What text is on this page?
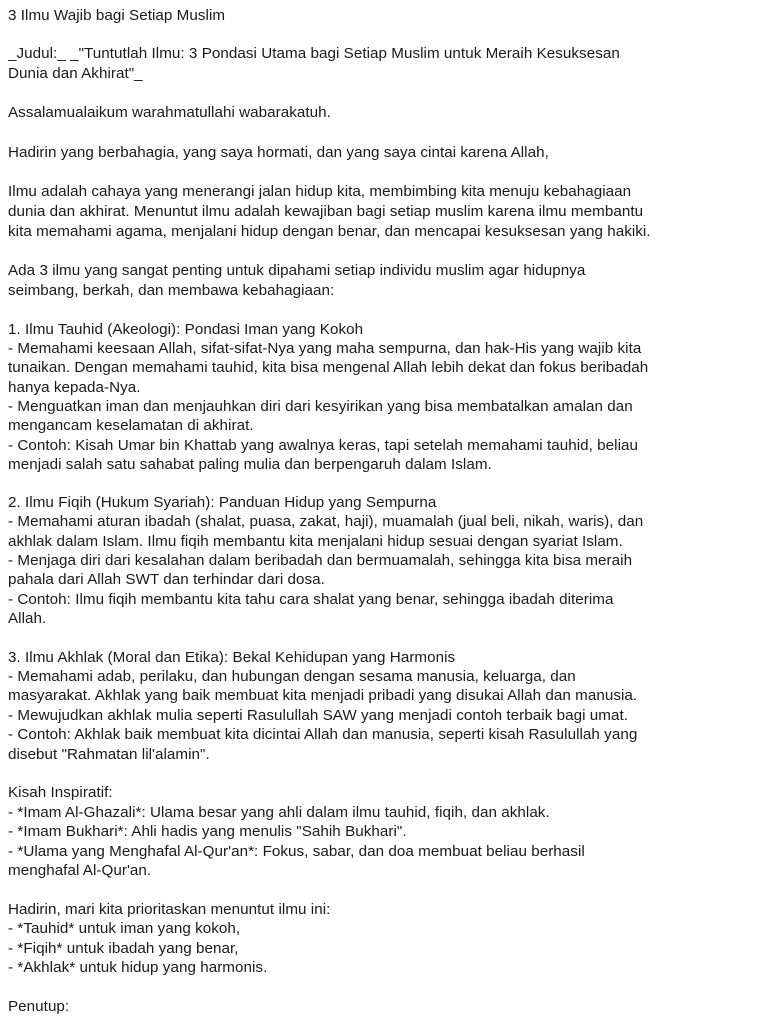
3 Ilmu Wajib bagi Setiap Muslim
_Judul:_ _"Tuntutlah Ilmu: 3 Pondasi Utama bagi Setiap Muslim untuk Meraih Kesuksesan
Dunia dan Akhirat"_
Assalamualaikum warahmatullahi wabarakatuh.
Hadirin yang berbahagia, yang saya hormati, dan yang saya cintai karena Allah,
Ilmu adalah cahaya yang menerangi jalan hidup kita, membimbing kita menuju kebahagiaan
dunia dan akhirat. Menuntut ilmu adalah kewajiban bagi setiap muslim karena ilmu membantu
kita memahami agama, menjalani hidup dengan benar, dan mencapai kesuksesan yang hakiki.
Ada 3 ilmu yang sangat penting untuk dipahami setiap individu muslim agar hidupnya
seimbang, berkah, dan membawa kebahagiaan:
1. Ilmu Tauhid (Akeologi): Pondasi Iman yang Kokoh
- Memahami keesaan Allah, sifat-sifat-Nya yang maha sempurna, dan hak-His yang wajib kita
tunaikan. Dengan memahami tauhid, kita bisa mengenal Allah lebih dekat dan fokus beribadah
hanya kepada-Nya.
- Menguatkan iman dan menjauhkan diri dari kesyirikan yang bisa membatalkan amalan dan
mengancam keselamatan di akhirat.
- Contoh: Kisah Umar bin Khattab yang awalnya keras, tapi setelah memahami tauhid, beliau
menjadi salah satu sahabat paling mulia dan berpengaruh dalam Islam.
2. Ilmu Fiqih (Hukum Syariah): Panduan Hidup yang Sempurna
- Memahami aturan ibadah (shalat, puasa, zakat, haji), muamalah (jual beli, nikah, waris), dan
akhlak dalam Islam. Ilmu fiqih membantu kita menjalani hidup sesuai dengan syariat Islam.
- Menjaga diri dari kesalahan dalam beribadah dan bermuamalah, sehingga kita bisa meraih
pahala dari Allah SWT dan terhindar dari dosa.
- Contoh: Ilmu fiqih membantu kita tahu cara shalat yang benar, sehingga ibadah diterima
Allah.
3. Ilmu Akhlak (Moral dan Etika): Bekal Kehidupan yang Harmonis
- Memahami adab, perilaku, dan hubungan dengan sesama manusia, keluarga, dan
masyarakat. Akhlak yang baik membuat kita menjadi pribadi yang disukai Allah dan manusia.
- Mewujudkan akhlak mulia seperti Rasulullah SAW yang menjadi contoh terbaik bagi umat.
- Contoh: Akhlak baik membuat kita dicintai Allah dan manusia, seperti kisah Rasulullah yang
disebut "Rahmatan lil'alamin".
Kisah Inspiratif:
- *Imam Al-Ghazali*: Ulama besar yang ahli dalam ilmu tauhid, fiqih, dan akhlak.
- *Imam Bukhari*: Ahli hadis yang menulis "Sahih Bukhari".
- *Ulama yang Menghafal Al-Qur'an*: Fokus, sabar, dan doa membuat beliau berhasil
menghafal Al-Qur'an.
Hadirin, mari kita prioritaskan menuntut ilmu ini:
- *Tauhid* untuk iman yang kokoh,
- *Fiqih* untuk ibadah yang benar,
- *Akhlak* untuk hidup yang harmonis.
Penutup:
